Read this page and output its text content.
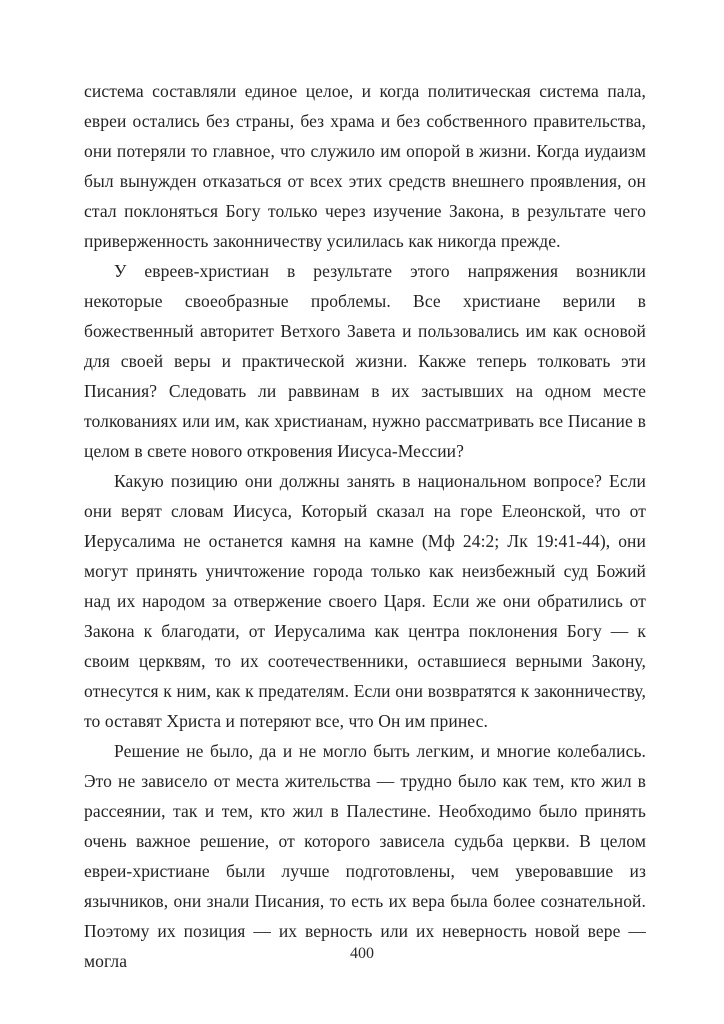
система составляли единое целое, и когда политическая система пала, евреи остались без страны, без храма и без собственного правительства, они потеряли то главное, что служило им опорой в жизни. Когда иудаизм был вынужден отказаться от всех этих средств внешнего проявления, он стал поклоняться Богу только через изучение Закона, в результате чего приверженность законничеству усилилась как никогда прежде.

У евреев-христиан в результате этого напряжения возникли некоторые своеобразные проблемы. Все христиане верили в божественный авторитет Ветхого Завета и пользовались им как основой для своей веры и практической жизни. Какже теперь толковать эти Писания? Следовать ли раввинам в их застывших на одном месте толкованиях или им, как христианам, нужно рассматривать все Писание в целом в свете нового откровения Иисуса-Мессии?

Какую позицию они должны занять в национальном вопросе? Если они верят словам Иисуса, Который сказал на горе Елеонской, что от Иерусалима не останется камня на камне (Мф 24:2; Лк 19:41-44), они могут принять уничтожение города только как неизбежный суд Божий над их народом за отвержение своего Царя. Если же они обратились от Закона к благодати, от Иерусалима как центра поклонения Богу — к своим церквям, то их соотечественники, оставшиеся верными Закону, отнесутся к ним, как к предателям. Если они возвратятся к законничеству, то оставят Христа и потеряют все, что Он им принес.

Решение не было, да и не могло быть легким, и многие колебались. Это не зависело от места жительства — трудно было как тем, кто жил в рассеянии, так и тем, кто жил в Палестине. Необходимо было принять очень важное решение, от которого зависела судьба церкви. В целом евреи-христиане были лучше подготовлены, чем уверовавшие из язычников, они знали Писания, то есть их вера была более сознательной. Поэтому их позиция — их верность или их неверность новой вере — могла	400
